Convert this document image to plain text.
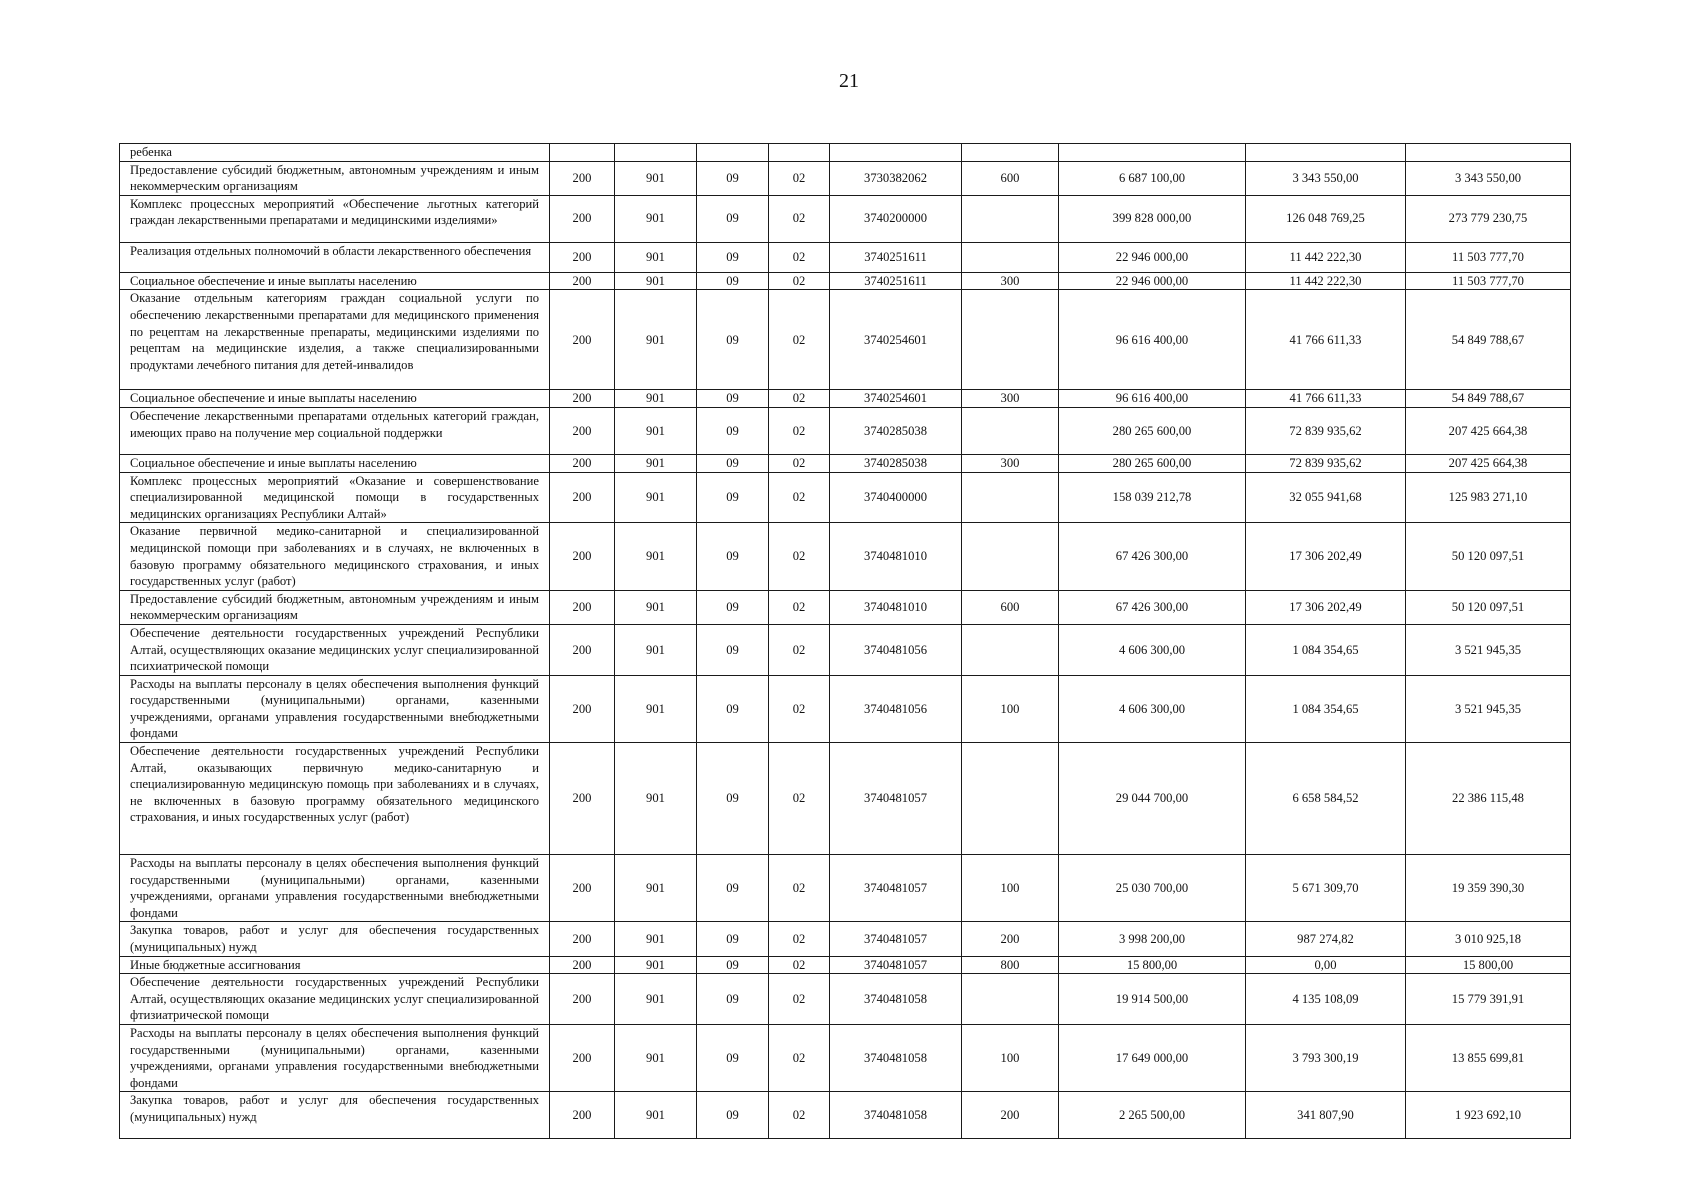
21
ребенка									
Предоставление субсидий бюджетным, автономным учреждениям и иным некоммерческим организациям	200	901	09	02	3730382062	600	6 687 100,00	3 343 550,00	3 343 550,00
Комплекс процессных мероприятий «Обеспечение льготных категорий граждан лекарственными препаратами и медицинскими изделиями»	200	901	09	02	3740200000		399 828 000,00	126 048 769,25	273 779 230,75
Реализация отдельных полномочий в области лекарственного обеспечения	200	901	09	02	3740251611		22 946 000,00	11 442 222,30	11 503 777,70
Социальное обеспечение и иные выплаты населению	200	901	09	02	3740251611	300	22 946 000,00	11 442 222,30	11 503 777,70
Оказание отдельным категориям граждан социальной услуги по обеспечению лекарственными препаратами для медицинского применения по рецептам на лекарственные препараты, медицинскими изделиями по рецептам на медицинские изделия, а также специализированными продуктами лечебного питания для детей-инвалидов	200	901	09	02	3740254601		96 616 400,00	41 766 611,33	54 849 788,67
Социальное обеспечение и иные выплаты населению	200	901	09	02	3740254601	300	96 616 400,00	41 766 611,33	54 849 788,67
Обеспечение лекарственными препаратами отдельных категорий граждан, имеющих право на получение мер социальной поддержки	200	901	09	02	3740285038		280 265 600,00	72 839 935,62	207 425 664,38
Социальное обеспечение и иные выплаты населению	200	901	09	02	3740285038	300	280 265 600,00	72 839 935,62	207 425 664,38
Комплекс процессных мероприятий «Оказание и совершенствование специализированной медицинской помощи в государственных медицинских организациях Республики Алтай»	200	901	09	02	3740400000		158 039 212,78	32 055 941,68	125 983 271,10
Оказание первичной медико-санитарной и специализированной медицинской помощи при заболеваниях и в случаях, не включенных в базовую программу обязательного медицинского страхования, и иных государственных услуг (работ)	200	901	09	02	3740481010		67 426 300,00	17 306 202,49	50 120 097,51
Предоставление субсидий бюджетным, автономным учреждениям и иным некоммерческим организациям	200	901	09	02	3740481010	600	67 426 300,00	17 306 202,49	50 120 097,51
Обеспечение деятельности государственных учреждений Республики Алтай, осуществляющих оказание медицинских услуг специализированной психиатрической помощи	200	901	09	02	3740481056		4 606 300,00	1 084 354,65	3 521 945,35
Расходы на выплаты персоналу в целях обеспечения выполнения функций государственными (муниципальными) органами, казенными учреждениями, органами управления государственными внебюджетными фондами	200	901	09	02	3740481056	100	4 606 300,00	1 084 354,65	3 521 945,35
Обеспечение деятельности государственных учреждений Республики Алтай, оказывающих первичную медико-санитарную и специализированную медицинскую помощь при заболеваниях и в случаях, не включенных в базовую программу обязательного медицинского страхования, и иных государственных услуг (работ)	200	901	09	02	3740481057		29 044 700,00	6 658 584,52	22 386 115,48
Расходы на выплаты персоналу в целях обеспечения выполнения функций государственными (муниципальными) органами, казенными учреждениями, органами управления государственными внебюджетными фондами	200	901	09	02	3740481057	100	25 030 700,00	5 671 309,70	19 359 390,30
Закупка товаров, работ и услуг для обеспечения государственных (муниципальных) нужд	200	901	09	02	3740481057	200	3 998 200,00	987 274,82	3 010 925,18
Иные бюджетные ассигнования	200	901	09	02	3740481057	800	15 800,00	0,00	15 800,00
Обеспечение деятельности государственных учреждений Республики Алтай, осуществляющих оказание медицинских услуг специализированной фтизиатрической помощи	200	901	09	02	3740481058		19 914 500,00	4 135 108,09	15 779 391,91
Расходы на выплаты персоналу в целях обеспечения выполнения функций государственными (муниципальными) органами, казенными учреждениями, органами управления государственными внебюджетными фондами	200	901	09	02	3740481058	100	17 649 000,00	3 793 300,19	13 855 699,81
Закупка товаров, работ и услуг для обеспечения государственных (муниципальных) нужд	200	901	09	02	3740481058	200	2 265 500,00	341 807,90	1 923 692,10
